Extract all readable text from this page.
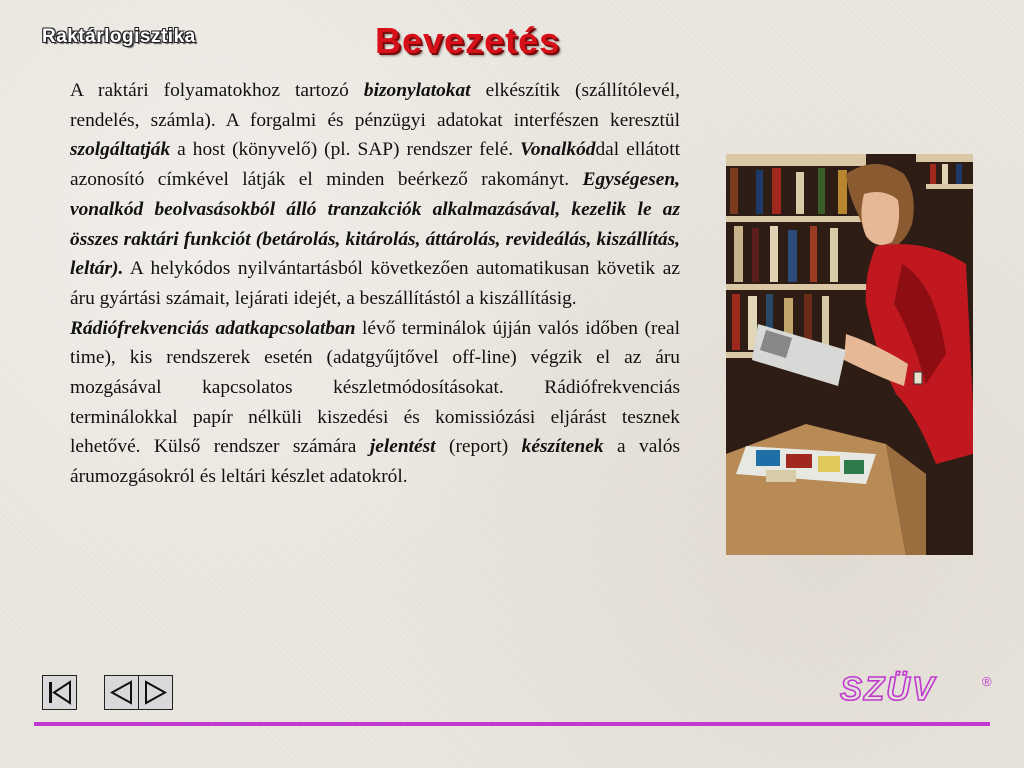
Raktárlogisztika	Bevezetés

A raktári folyamatokhoz tartozó bizonylatokat elkészítik (szállítólevél, rendelés, számla). A forgalmi és pénzügyi adatokat interfészen keresztül szolgáltatják a host (könyvelő) (pl. SAP) rendszer felé. Vonalkóddal ellátott azonosító címkével látják el minden beérkező rakományt. Egységesen, vonalkód beolvasásokból álló tranzakciók alkalmazásával, kezelik le az összes raktári funkciót (betárolás, kitárolás, áttárolás, revideálás, kiszállítás, leltár). A helykódos nyilvántartásból következően automatikusan követik az áru gyártási számait, lejárati idejét, a beszállítástól a kiszállításig.

Rádiófrekvenciás adatkapcsolatban lévő terminálok újján valós időben (real time), kis rendszerek esetén (adatgyűjtővel off-line) végzik el az áru mozgásával kapcsolatos készletmódosításokat. Rádiófrekvenciás terminálokkal papír nélküli kiszedési és komissiózási eljárást tesznek lehetővé. Külső rendszer számára jelentést (report) készítenek a valós árumozgásokról és leltári készlet adatokról.

SZÜV	®
